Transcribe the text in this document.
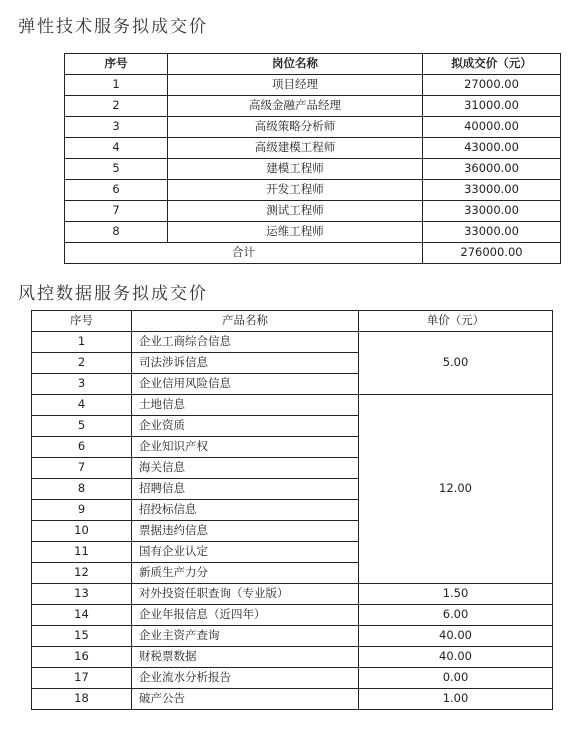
弹性技术服务拟成交价
序号	岗位名称	拟成交价（元）
1	项目经理	27000.00
2	高级金融产品经理	31000.00
3	高级策略分析师	40000.00
4	高级建模工程师	43000.00
5	建模工程师	36000.00
6	开发工程师	33000.00
7	测试工程师	33000.00
8	运维工程师	33000.00
合计		276000.00
风控数据服务拟成交价
序号	产品名称	单价（元）
1	企业工商综合信息	5.00
2	司法涉诉信息	
3	企业信用风险信息	
4	土地信息	12.00
5	企业资质	
6	企业知识产权	
7	海关信息	
8	招聘信息	
9	招投标信息	
10	票据违约信息	
11	国有企业认定	
12	新质生产力分	
13	对外投资任职查询（专业版）	1.50
14	企业年报信息（近四年）	6.00
15	企业主资产查询	40.00
16	财税票数据	40.00
17	企业流水分析报告	0.00
18	破产公告	1.00
